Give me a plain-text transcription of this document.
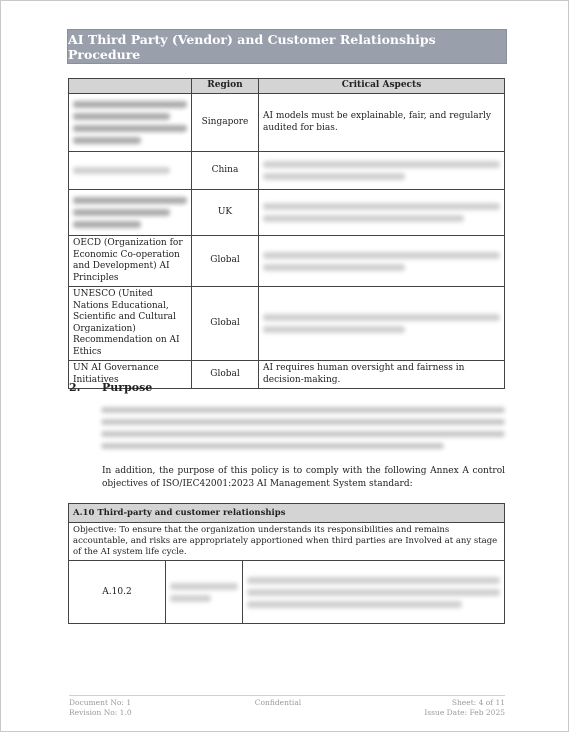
AI Third Party (Vendor) and Customer Relationships Procedure
	Region	Critical Aspects

	Singapore	AI models must be explainable, fair, and regularly audited for bias.

	China	

	UK	

OECD (Organization for Economic Co-operation and Development) AI Principles	Global	

UNESCO (United Nations Educational, Scientific and Cultural Organization) Recommendation on AI Ethics	Global	

UN AI Governance Initiatives	Global	AI requires human oversight and fairness in decision-making.
2.	Purpose
In addition, the purpose of this policy is to comply with the following Annex A control objectives of ISO/IEC42001:2023 AI Management System standard:
A.10 Third-party and customer relationships
Objective: To ensure that the organization understands its responsibilities and remains accountable, and risks are appropriately apportioned when third parties are Involved at any stage of the AI system life cycle.

A.10.2	

Document No: 1
Revision No: 1.0
Confidential	Sheet: 4 of 11
Issue Date: Feb 2025
